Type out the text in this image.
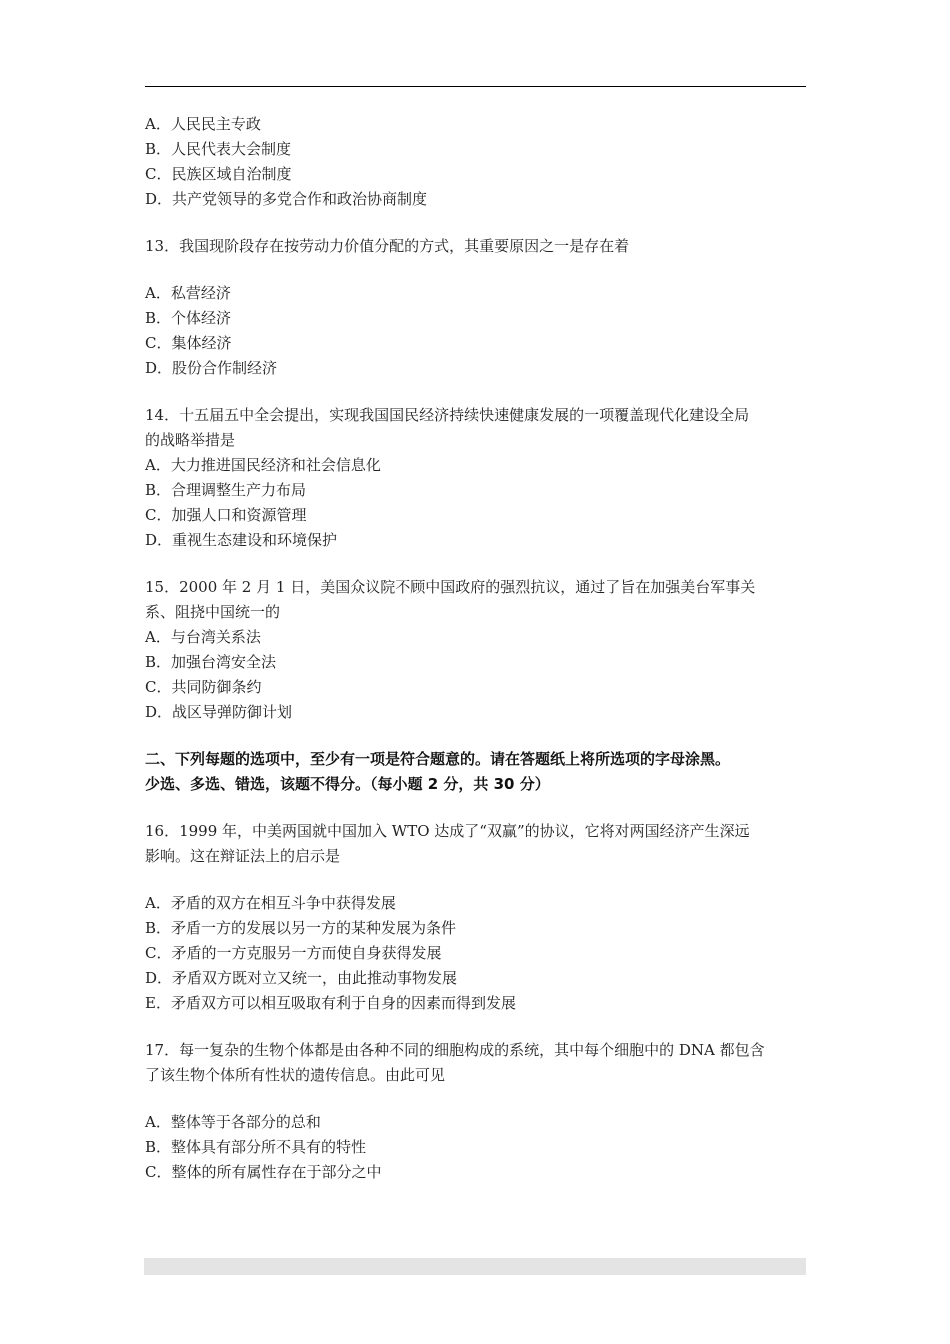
A．人民民主专政
B．人民代表大会制度
C．民族区域自治制度
D．共产党领导的多党合作和政治协商制度
13．我国现阶段存在按劳动力价值分配的方式，其重要原因之一是存在着
A．私营经济
B．个体经济
C．集体经济
D．股份合作制经济
14．十五届五中全会提出，实现我国国民经济持续快速健康发展的一项覆盖现代化建设全局
的战略举措是
A．大力推进国民经济和社会信息化
B．合理调整生产力布局
C．加强人口和资源管理
D．重视生态建设和环境保护
15．2000 年 2 月 1 日，美国众议院不顾中国政府的强烈抗议，通过了旨在加强美台军事关
系、阻挠中国统一的
A．与台湾关系法
B．加强台湾安全法
C．共同防御条约
D．战区导弹防御计划
二、下列每题的选项中，至少有一项是符合题意的。请在答题纸上将所选项的字母涂黑。
少选、多选、错选，该题不得分。（每小题 2 分，共 30 分）
16．1999 年，中美两国就中国加入 WTO 达成了“双赢”的协议，它将对两国经济产生深远
影响。这在辩证法上的启示是
A．矛盾的双方在相互斗争中获得发展
B．矛盾一方的发展以另一方的某种发展为条件
C．矛盾的一方克服另一方而使自身获得发展
D．矛盾双方既对立又统一，由此推动事物发展
E．矛盾双方可以相互吸取有利于自身的因素而得到发展
17．每一复杂的生物个体都是由各种不同的细胞构成的系统，其中每个细胞中的 DNA 都包含
了该生物个体所有性状的遗传信息。由此可见
A．整体等于各部分的总和
B．整体具有部分所不具有的特性
C．整体的所有属性存在于部分之中
